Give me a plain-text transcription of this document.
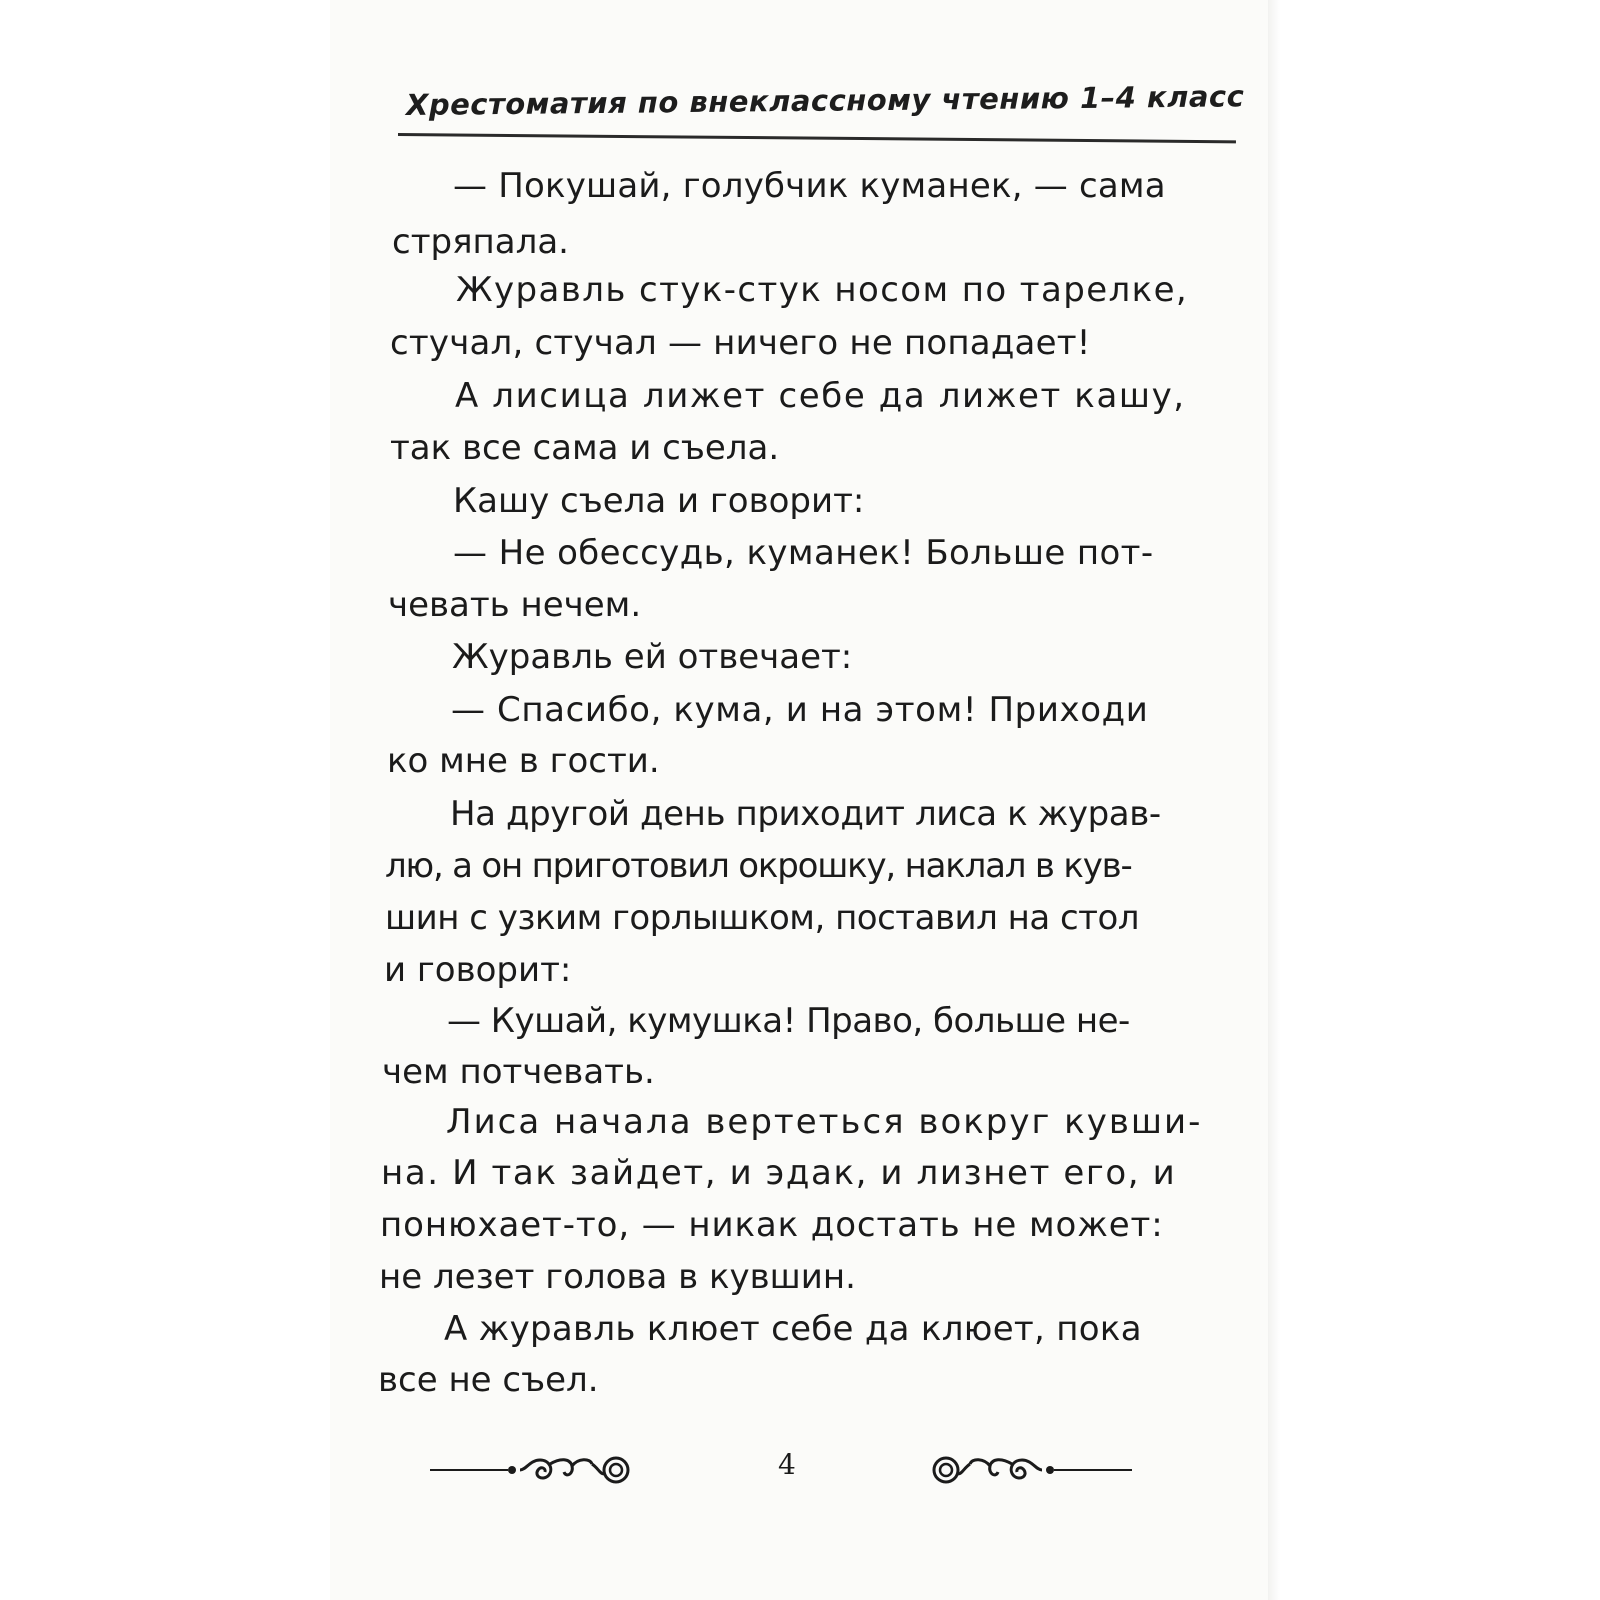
Хрестоматия по внеклассному чтению 1–4 класс
— Покушай, голубчик куманек, — сама
стряпала.
Журавль стук-стук носом по тарелке,
стучал, стучал — ничего не попадает!
А лисица лижет себе да лижет кашу,
так все сама и съела.
Кашу съела и говорит:
— Не обессудь, куманек! Больше пот-
чевать нечем.
Журавль ей отвечает:
— Спасибо, кума, и на этом! Приходи
ко мне в гости.
На другой день приходит лиса к журав-
лю, а он приготовил окрошку, наклал в кув-
шин с узким горлышком, поставил на стол
и говорит:
— Кушай, кумушка! Право, больше не-
чем потчевать.
Лиса начала вертеться вокруг кувши-
на. И так зайдет, и эдак, и лизнет его, и
понюхает-то, — никак достать не может:
не лезет голова в кувшин.
А журавль клюет себе да клюет, пока
все не съел.
4
